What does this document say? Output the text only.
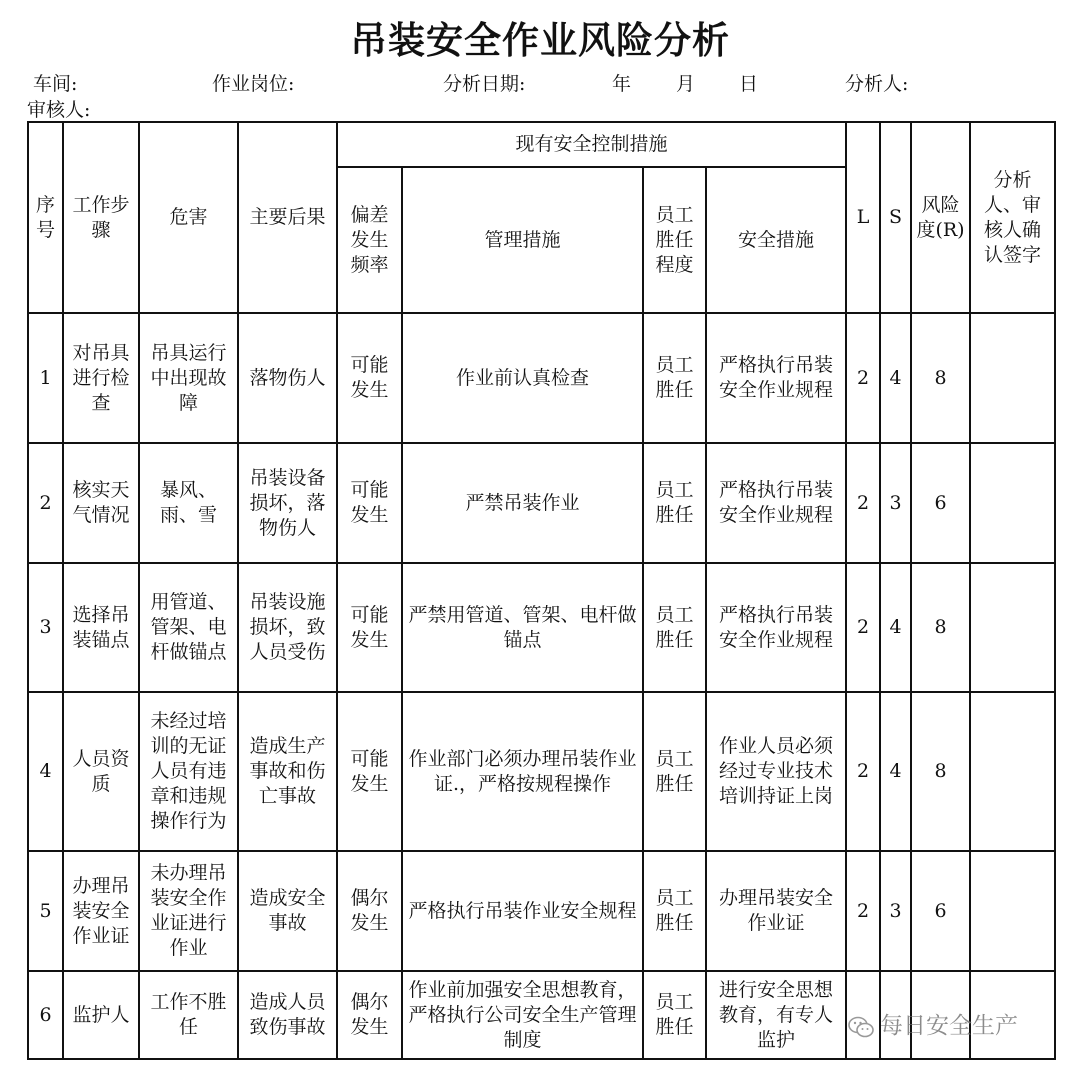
吊装安全作业风险分析
车间:	作业岗位:	分析日期:	年 月 日	分析人:
审核人:
序号	工作步骤	危害	主要后果	现有安全控制措施				L	S	风险度(R)	分析人、审核人确认签字
				偏差发生频率	管理措施	员工胜任程度	安全措施				
1	对吊具进行检查	吊具运行中出现故障	落物伤人	可能发生	作业前认真检查	员工胜任	严格执行吊装安全作业规程	2	4	8	
2	核实天气情况	暴风、雨、雪	吊装设备损坏，落物伤人	可能发生	严禁吊装作业	员工胜任	严格执行吊装安全作业规程	2	3	6	
3	选择吊装锚点	用管道、管架、电杆做锚点	吊装设施损坏，致人员受伤	可能发生	严禁用管道、管架、电杆做锚点	员工胜任	严格执行吊装安全作业规程	2	4	8	
4	人员资质	未经过培训的无证人员有违章和违规操作行为	造成生产事故和伤亡事故	可能发生	作业部门必须办理吊装作业证.，严格按规程操作	员工胜任	作业人员必须经过专业技术培训持证上岗	2	4	8	
5	办理吊装安全作业证	未办理吊装安全作业证进行作业	造成安全事故	偶尔发生	严格执行吊装作业安全规程	员工胜任	办理吊装安全作业证	2	3	6	
6	监护人	工作不胜任	造成人员致伤事故	偶尔发生	作业前加强安全思想教育，严格执行公司安全生产管理制度	员工胜任	进行安全思想教育，有专人监护				
每日安全生产
